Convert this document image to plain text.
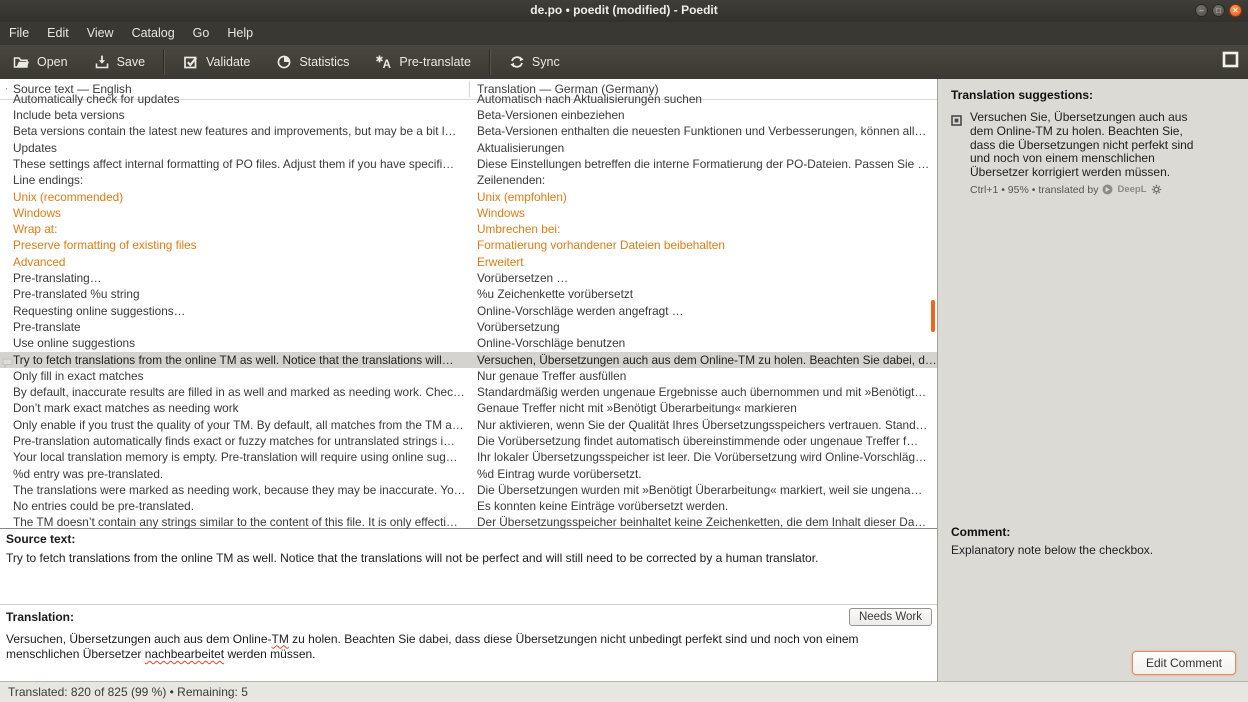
de.po • poedit (modified) - Poedit	‒	□	✕
File	Edit	View	Catalog	Go	Help
Open	Save	Validate	Statistics	A Pre-translate	Sync
· Source text — English	Translation — German (Germany)
Automatically check for updates	Automatisch nach Aktualisierungen suchen
Include beta versions	Beta-Versionen einbeziehen
Beta versions contain the latest new features and improvements, but may be a bit l…	Beta-Versionen enthalten die neuesten Funktionen und Verbesserungen, können all…
Updates	Aktualisierungen
These settings affect internal formatting of PO files. Adjust them if you have specifi…	Diese Einstellungen betreffen die interne Formatierung der PO-Dateien. Passen Sie …
Line endings:	Zeilenenden:
Unix (recommended)	Unix (empfohlen)
Windows	Windows
Wrap at:	Umbrechen bei:
Preserve formatting of existing files	Formatierung vorhandener Dateien beibehalten
Advanced	Erweitert
Pre-translating…	Vorübersetzen …
Pre-translated %u string	%u Zeichenkette vorübersetzt
Requesting online suggestions…	Online-Vorschläge werden angefragt …
Pre-translate	Vorübersetzung
Use online suggestions	Online-Vorschläge benutzen
Try to fetch translations from the online TM as well. Notice that the translations will…	Versuchen, Übersetzungen auch aus dem Online-TM zu holen. Beachten Sie dabei, d…
Only fill in exact matches	Nur genaue Treffer ausfüllen
By default, inaccurate results are filled in as well and marked as needing work. Chec…	Standardmäßig werden ungenaue Ergebnisse auch übernommen und mit »Benötigt…
Don’t mark exact matches as needing work	Genaue Treffer nicht mit »Benötigt Überarbeitung« markieren
Only enable if you trust the quality of your TM. By default, all matches from the TM a…	Nur aktivieren, wenn Sie der Qualität Ihres Übersetzungsspeichers vertrauen. Stand…
Pre-translation automatically finds exact or fuzzy matches for untranslated strings i…	Die Vorübersetzung findet automatisch übereinstimmende oder ungenaue Treffer f…
Your local translation memory is empty. Pre-translation will require using online sug…	Ihr lokaler Übersetzungsspeicher ist leer. Die Vorübersetzung wird Online-Vorschläg…
%d entry was pre-translated.	%d Eintrag wurde vorübersetzt.
The translations were marked as needing work, because they may be inaccurate. Yo… Die Übersetzungen wurden mit »Benötigt Überarbeitung« markiert, weil sie ungena…
No entries could be pre-translated.	Es konnten keine Einträge vorübersetzt werden.
The TM doesn’t contain any strings similar to the content of this file. It is only effecti…	Der Übersetzungsspeicher beinhaltet keine Zeichenketten, die dem Inhalt dieser Da…
Source text:
Try to fetch translations from the online TM as well. Notice that the translations will not be perfect and will still need to be corrected by a human translator.
Translation:	Needs Work
Versuchen, Übersetzungen auch aus dem Online-TM zu holen. Beachten Sie dabei, dass diese Übersetzungen nicht unbedingt perfekt sind und noch von einem menschlichen Übersetzer nachbearbeitet werden müssen.
Translation suggestions:
Versuchen Sie, Übersetzungen auch aus dem Online-TM zu holen. Beachten Sie, dass die Übersetzungen nicht perfekt sind und noch von einem menschlichen Übersetzer korrigiert werden müssen.
Ctrl+1 • 95% • translated by DeepL
Comment:
Explanatory note below the checkbox.
Edit Comment
Translated: 820 of 825 (99 %) • Remaining: 5
